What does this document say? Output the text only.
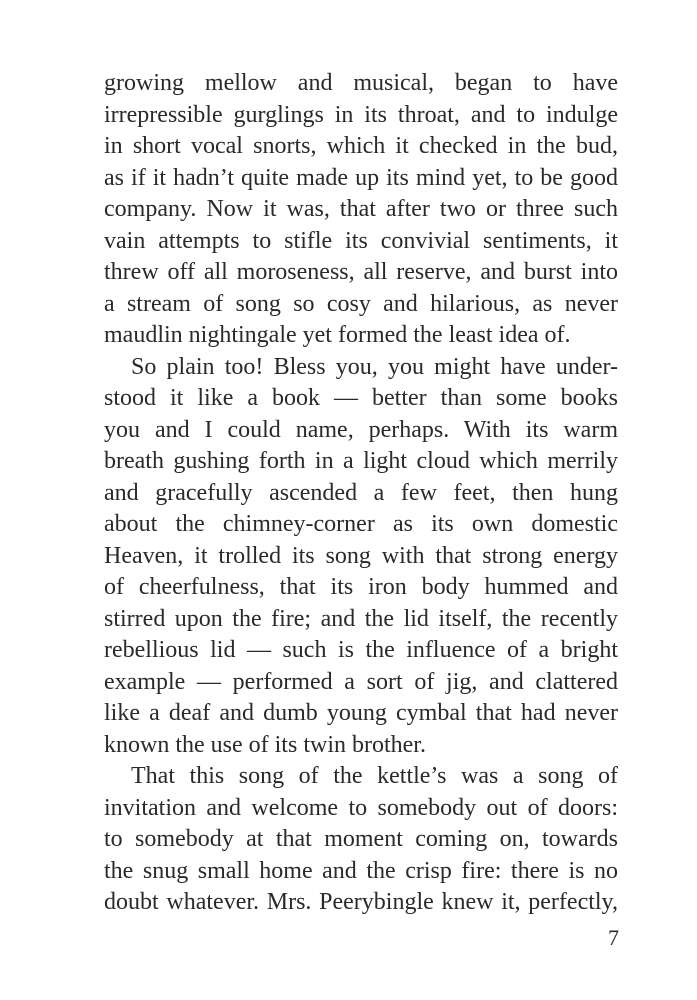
growing mellow and musical, began to have
irrepressible gurglings in its throat, and to indulge
in short vocal snorts, which it checked in the bud,
as if it hadn’t quite made up its mind yet, to be good
company. Now it was, that after two or three such
vain attempts to stifle its convivial sentiments, it
threw off all moroseness, all reserve, and burst into
a stream of song so cosy and hilarious, as never
maudlin nightingale yet formed the least idea of.
So plain too! Bless you, you might have under-
stood it like a book — better than some books
you and I could name, perhaps. With its warm
breath gushing forth in a light cloud which merrily
and gracefully ascended a few feet, then hung
about the chimney-corner as its own domestic
Heaven, it trolled its song with that strong energy
of cheerfulness, that its iron body hummed and
stirred upon the fire; and the lid itself, the recently
rebellious lid — such is the influence of a bright
example — performed a sort of jig, and clattered
like a deaf and dumb young cymbal that had never
known the use of its twin brother.
That this song of the kettle’s was a song of
invitation and welcome to somebody out of doors:
to somebody at that moment coming on, towards
the snug small home and the crisp fire: there is no
doubt whatever. Mrs. Peerybingle knew it, perfectly,
7
